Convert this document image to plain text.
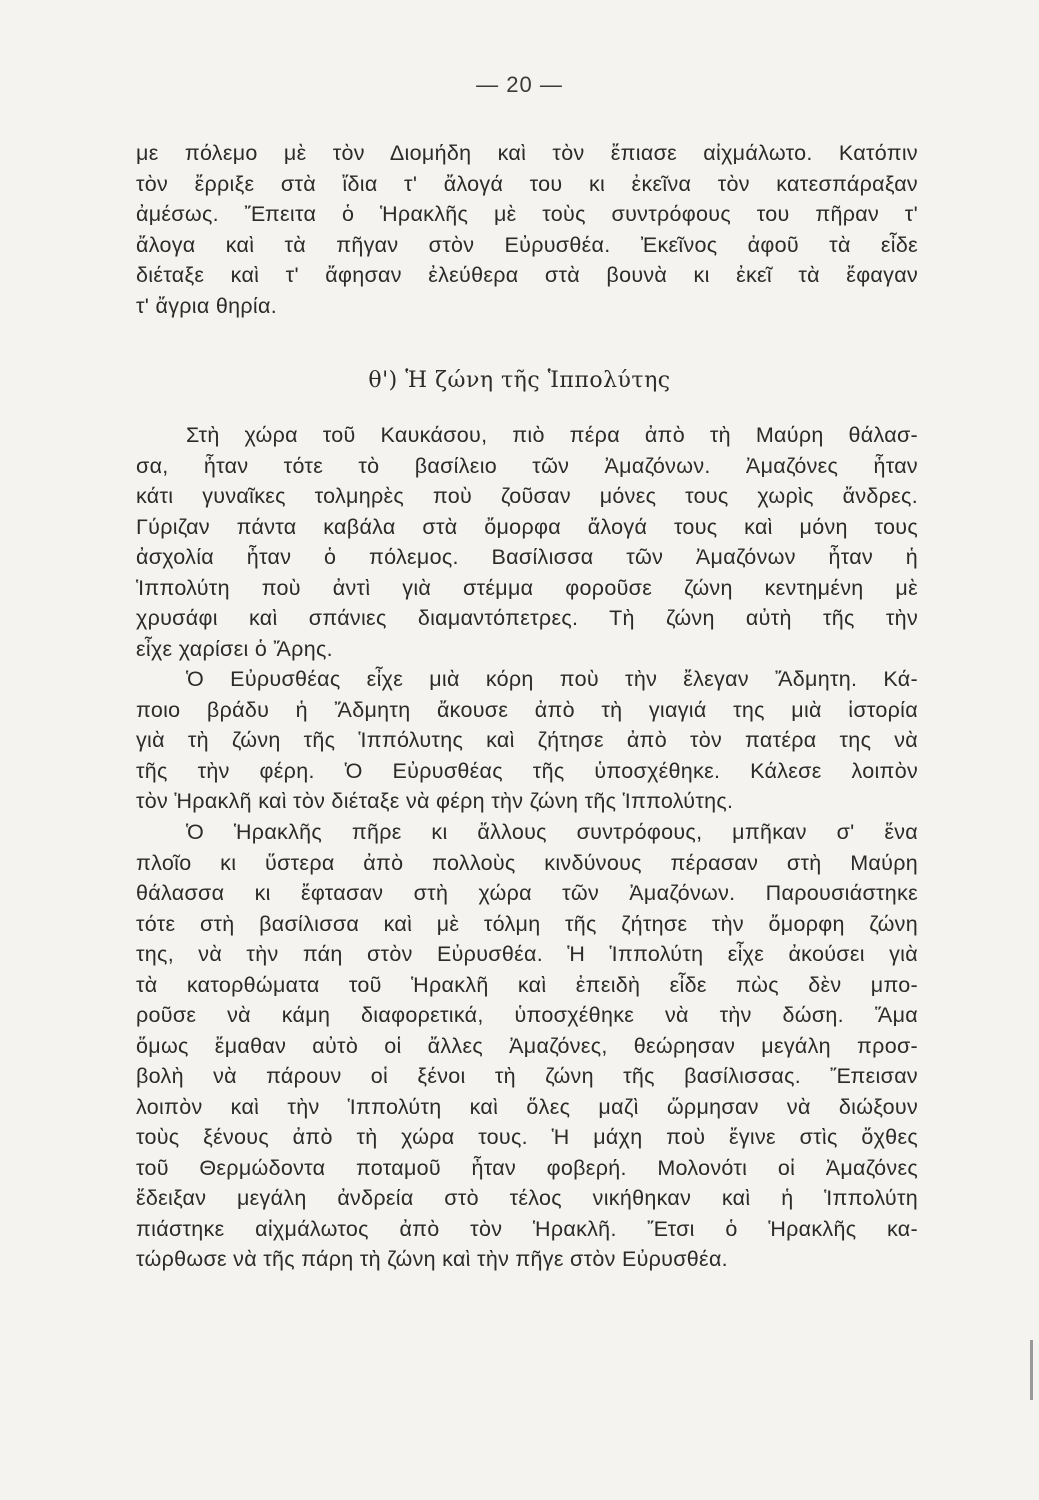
— 20 —
με πόλεμο μὲ τὸν Διομήδη καὶ τὸν ἔπιασε αἰχμάλωτο. Κατόπιν
τὸν ἔρριξε στὰ ἴδια τ' ἄλογά του κι ἐκεῖνα τὸν κατεσπάραξαν
ἀμέσως. Ἔπειτα ὁ Ἡρακλῆς μὲ τοὺς συντρόφους του πῆραν τ'
ἄλογα καὶ τὰ πῆγαν στὸν Εὐρυσθέα. Ἐκεῖνος ἀφοῦ τὰ εἶδε
διέταξε καὶ τ' ἄφησαν ἐλεύθερα στὰ βουνὰ κι ἐκεῖ τὰ ἔφαγαν
τ' ἄγρια θηρία.
θ') Ἡ ζώνη τῆς Ἱππολύτης
Στὴ χώρα τοῦ Καυκάσου, πιὸ πέρα ἀπὸ τὴ Μαύρη θάλασ-
σα, ἦταν τότε τὸ βασίλειο τῶν Ἀμαζόνων. Ἀμαζόνες ἦταν
κάτι γυναῖκες τολμηρὲς ποὺ ζοῦσαν μόνες τους χωρὶς ἄνδρες.
Γύριζαν πάντα καβάλα στὰ ὄμορφα ἄλογά τους καὶ μόνη τους
ἀσχολία ἦταν ὁ πόλεμος. Βασίλισσα τῶν Ἀμαζόνων ἦταν ἡ
Ἱππολύτη ποὺ ἀντὶ γιὰ στέμμα φοροῦσε ζώνη κεντημένη μὲ
χρυσάφι καὶ σπάνιες διαμαντόπετρες. Τὴ ζώνη αὐτὴ τῆς τὴν
εἶχε χαρίσει ὁ Ἄρης.
Ὁ Εὐρυσθέας εἶχε μιὰ κόρη ποὺ τὴν ἔλεγαν Ἄδμητη. Κά-
ποιο βράδυ ἡ Ἄδμητη ἄκουσε ἀπὸ τὴ γιαγιά της μιὰ ἱστορία
γιὰ τὴ ζώνη τῆς Ἱππόλυτης καὶ ζήτησε ἀπὸ τὸν πατέρα της νὰ
τῆς τὴν φέρη. Ὁ Εὐρυσθέας τῆς ὑποσχέθηκε. Κάλεσε λοιπὸν
τὸν Ἡρακλῆ καὶ τὸν διέταξε νὰ φέρη τὴν ζώνη τῆς Ἱππολύτης.
Ὁ Ἡρακλῆς πῆρε κι ἄλλους συντρόφους, μπῆκαν σ' ἕνα
πλοῖο κι ὕστερα ἀπὸ πολλοὺς κινδύνους πέρασαν στὴ Μαύρη
θάλασσα κι ἔφτασαν στὴ χώρα τῶν Ἀμαζόνων. Παρουσιάστηκε
τότε στὴ βασίλισσα καὶ μὲ τόλμη τῆς ζήτησε τὴν ὄμορφη ζώνη
της, νὰ τὴν πάη στὸν Εὐρυσθέα. Ἡ Ἱππολύτη εἶχε ἀκούσει γιὰ
τὰ κατορθώματα τοῦ Ἡρακλῆ καὶ ἐπειδὴ εἶδε πὼς δὲν μπο-
ροῦσε νὰ κάμη διαφορετικά, ὑποσχέθηκε νὰ τὴν δώση. Ἅμα
ὅμως ἔμαθαν αὐτὸ οἱ ἄλλες Ἀμαζόνες, θεώρησαν μεγάλη προσ-
βολὴ νὰ πάρουν οἱ ξένοι τὴ ζώνη τῆς βασίλισσας. Ἔπεισαν
λοιπὸν καὶ τὴν Ἱππολύτη καὶ ὅλες μαζὶ ὥρμησαν νὰ διώξουν
τοὺς ξένους ἀπὸ τὴ χώρα τους. Ἡ μάχη ποὺ ἔγινε στὶς ὄχθες
τοῦ Θερμώδοντα ποταμοῦ ἦταν φοβερή. Μολονότι οἱ Ἀμαζόνες
ἔδειξαν μεγάλη ἀνδρεία στὸ τέλος νικήθηκαν καὶ ἡ Ἱππολύτη
πιάστηκε αἰχμάλωτος ἀπὸ τὸν Ἡρακλῆ. Ἔτσι ὁ Ἡρακλῆς κα-
τώρθωσε νὰ τῆς πάρη τὴ ζώνη καὶ τὴν πῆγε στὸν Εὐρυσθέα.
